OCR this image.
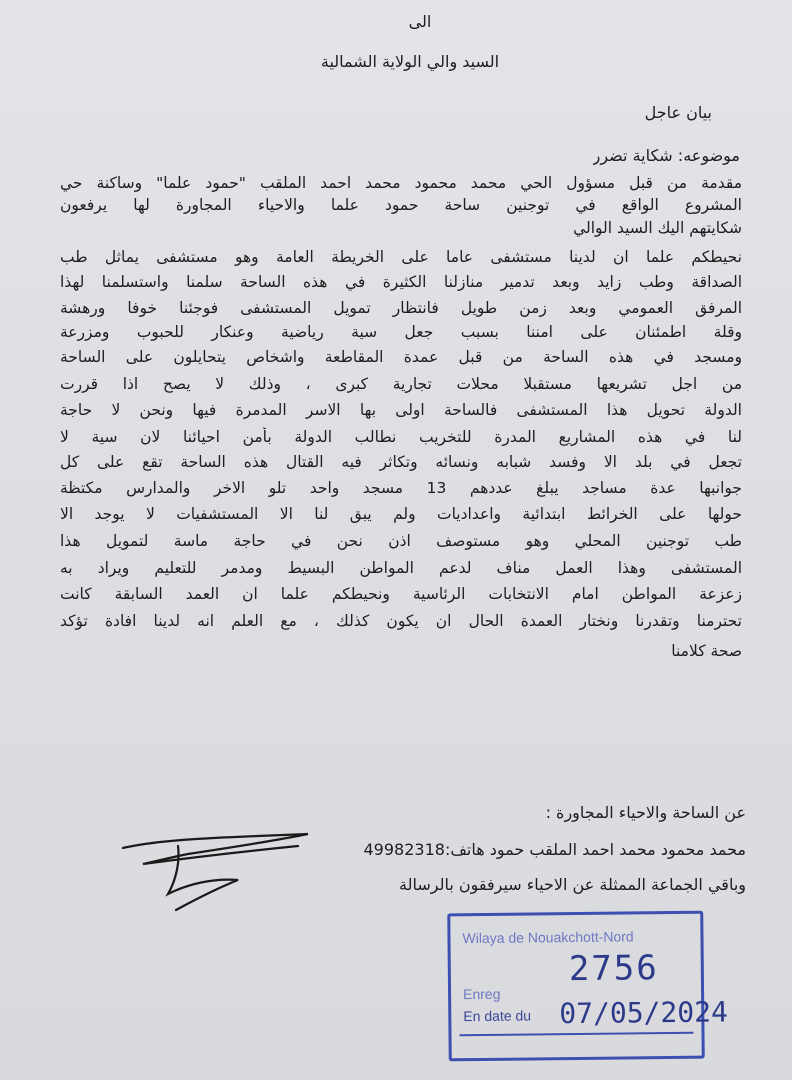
الى
السيد والي الولاية الشمالية
بيان عاجل
موضوعه: شكاية تضرر
مقدمة من قبل مسؤول الحي محمد محمود محمد احمد الملقب "حمود علما" وساكنة حي
المشروع الواقع في توجنين ساحة حمود علما والاحياء المجاورة لها يرفعون
شكايتهم اليك السيد الوالي
نحيطكم علما ان لدينا مستشفى عاما على الخريطة العامة وهو مستشفى يماثل طب
الصداقة وطب زايد وبعد تدمير منازلنا الكثيرة في هذه الساحة سلمنا واستسلمنا لهذا
المرفق العمومي وبعد زمن طويل فانتظار تمويل المستشفى فوجئنا خوفا ورهشة
وقلة اطمئنان على امننا بسبب جعل سية رياضية وعنكار للحبوب ومزرعة
ومسجد في هذه الساحة من قبل عمدة المقاطعة واشخاص يتحايلون على الساحة
من اجل تشريعها مستقبلا محلات تجارية كبرى ، وذلك لا يصح اذا قررت
الدولة تحويل هذا المستشفى فالساحة اولى بها الاسر المدمرة فيها ونحن لا حاجة
لنا في هذه المشاريع المدرة للتخريب نطالب الدولة بأمن احيائنا لان سية لا
تجعل في بلد الا وفسد شبابه ونسائه وتكاثر فيه القتال هذه الساحة تقع على كل
جوانبها عدة مساجد يبلغ عددهم 13 مسجد واحد تلو الاخر والمدارس مكتظة
حولها على الخرائط ابتدائية واعداديات ولم يبق لنا الا المستشفيات لا يوجد الا
طب توجنين المحلي وهو مستوصف اذن نحن في حاجة ماسة لتمويل هذا
المستشفى وهذا العمل مناف لدعم المواطن البسيط ومدمر للتعليم ويراد به
زعزعة المواطن امام الانتخابات الرئاسية ونحيطكم علما ان العمد السابقة كانت
تحترمنا وتقدرنا ونختار العمدة الحال ان يكون كذلك ، مع العلم انه لدينا افادة تؤكد
صحة كلامنا
عن الساحة والاحياء المجاورة :
محمد محمود محمد احمد الملقب حمود هاتف:49982318
وباقي الجماعة الممثلة عن الاحياء سيرفقون بالرسالة
Wilaya de Nouakchott-Nord
2756
Enreg
En date du 07/05/2024
